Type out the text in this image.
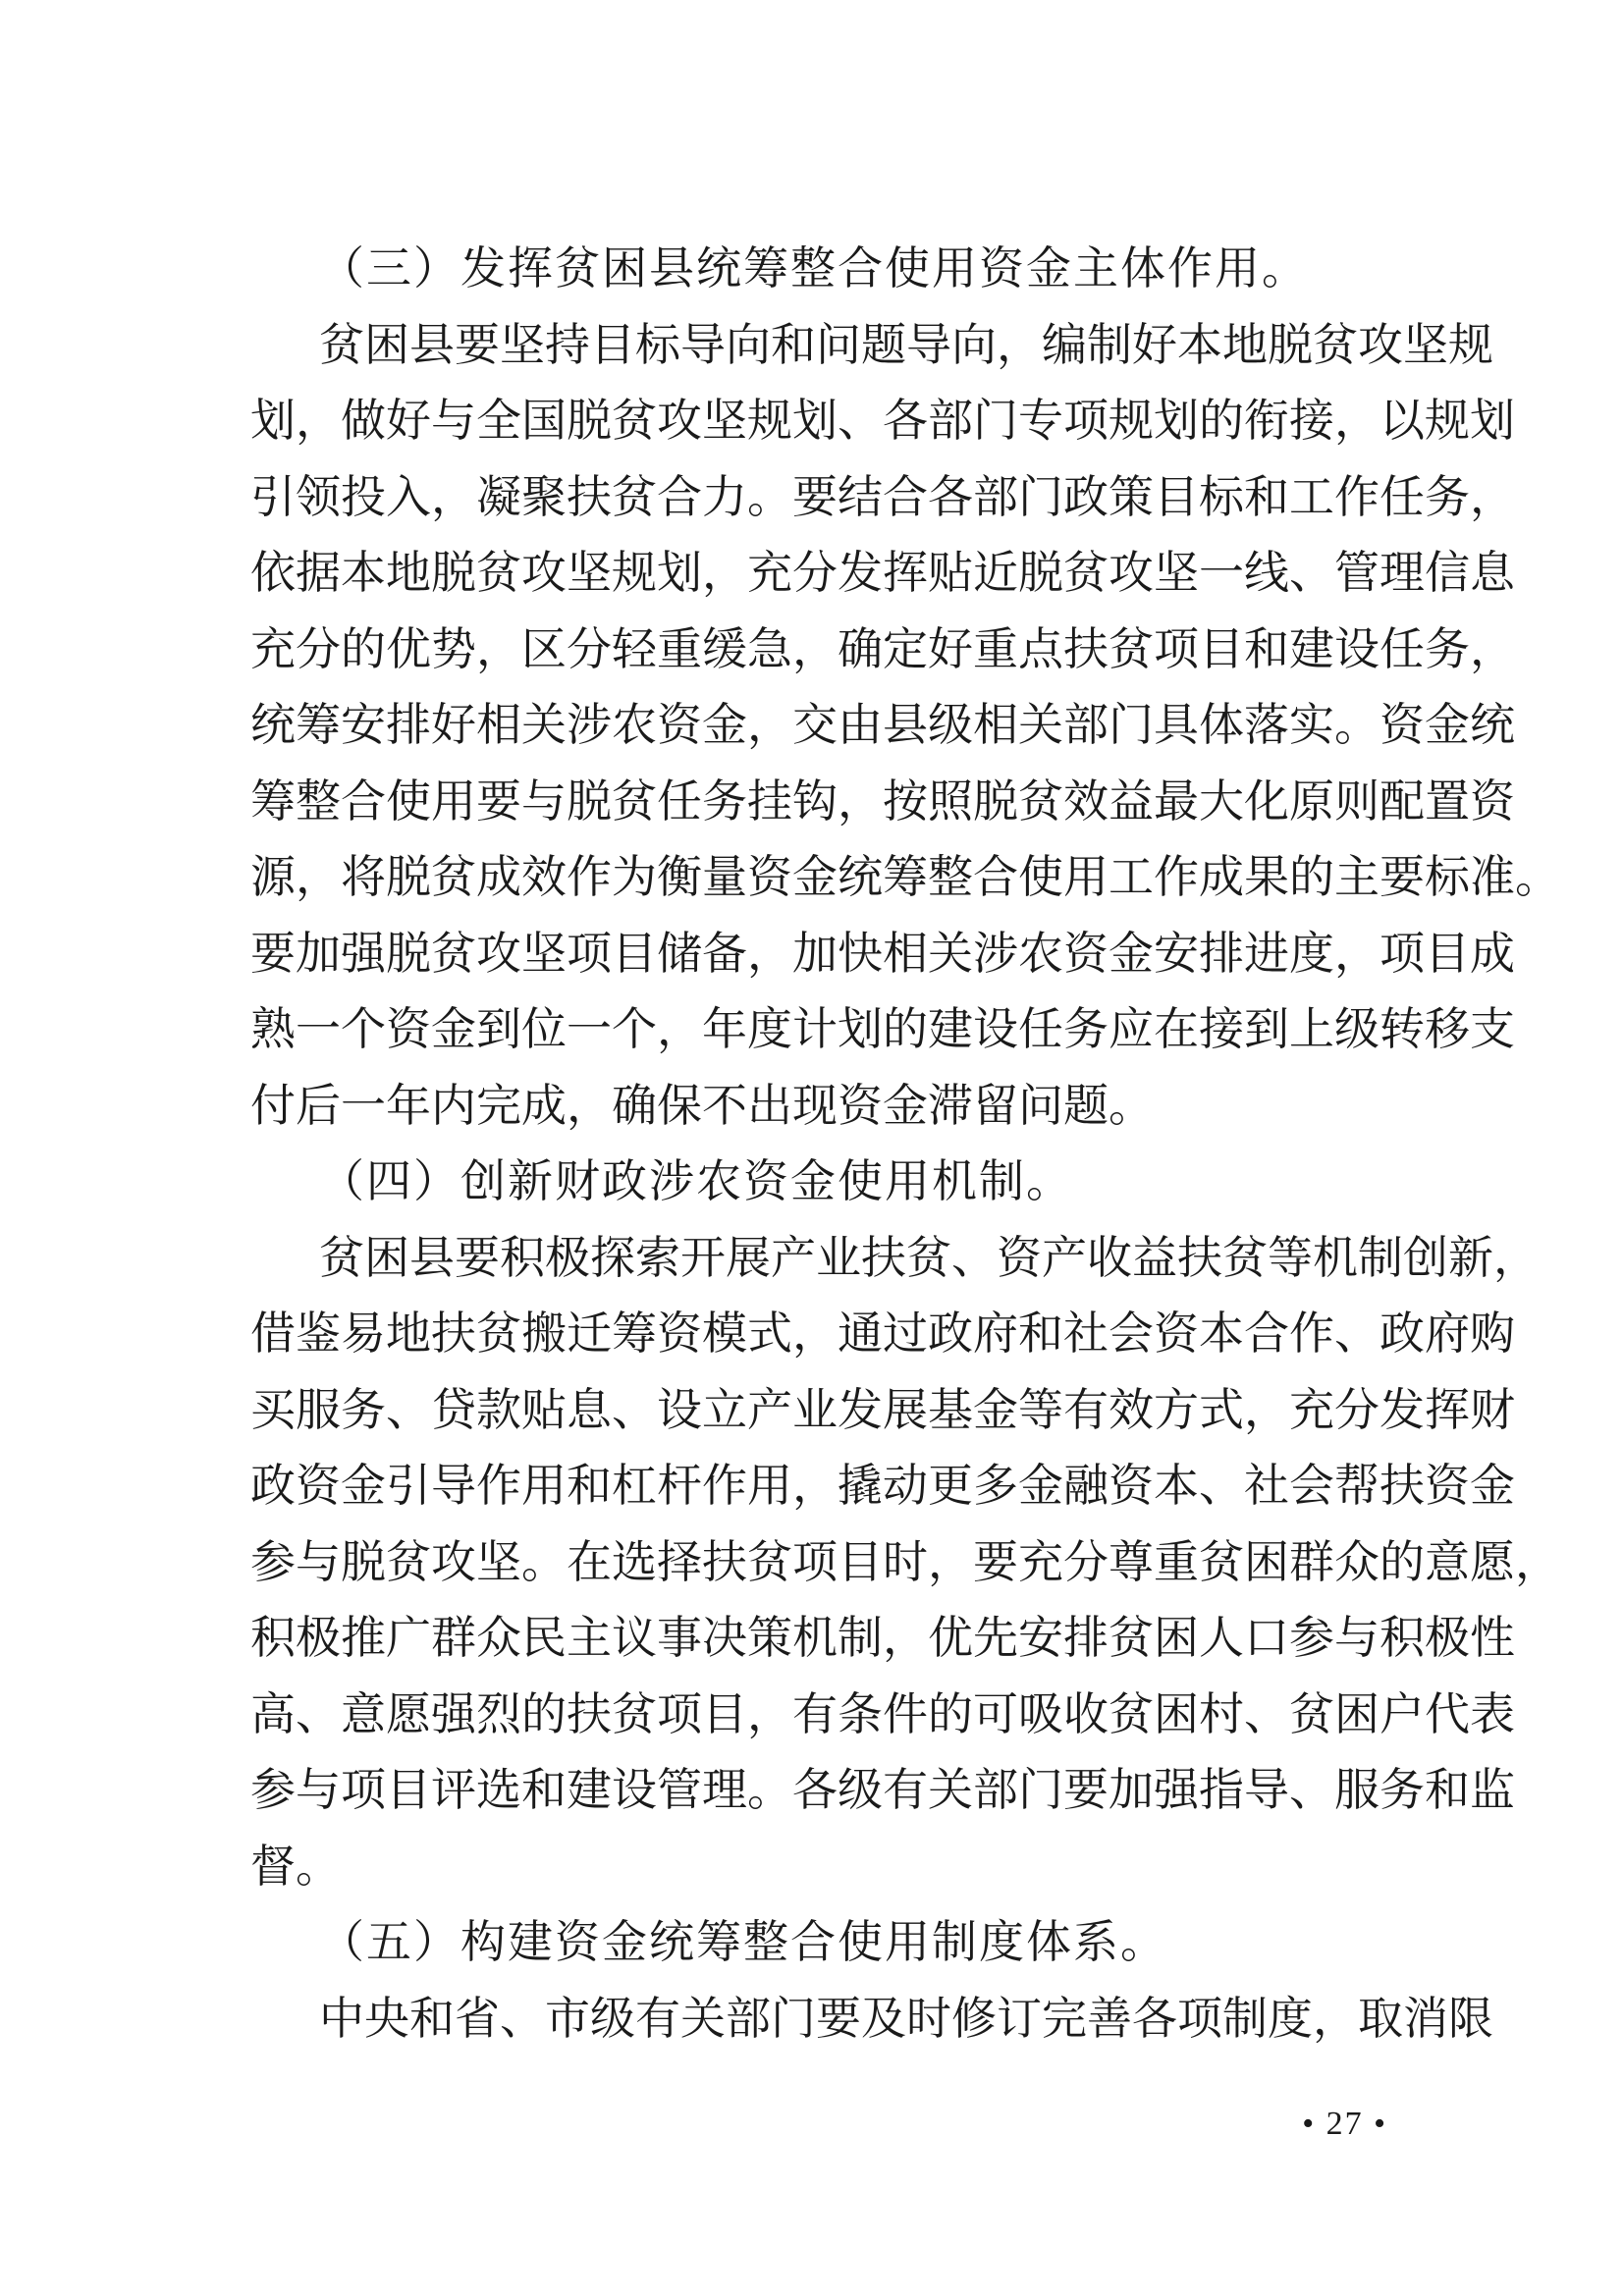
（三）发挥贫困县统筹整合使用资金主体作用。
贫困县要坚持目标导向和问题导向，编制好本地脱贫攻坚规
划，做好与全国脱贫攻坚规划、各部门专项规划的衔接，以规划
引领投入，凝聚扶贫合力。要结合各部门政策目标和工作任务，
依据本地脱贫攻坚规划，充分发挥贴近脱贫攻坚一线、管理信息
充分的优势，区分轻重缓急，确定好重点扶贫项目和建设任务，
统筹安排好相关涉农资金，交由县级相关部门具体落实。资金统
筹整合使用要与脱贫任务挂钩，按照脱贫效益最大化原则配置资
源，将脱贫成效作为衡量资金统筹整合使用工作成果的主要标准。
要加强脱贫攻坚项目储备，加快相关涉农资金安排进度，项目成
熟一个资金到位一个，年度计划的建设任务应在接到上级转移支
付后一年内完成，确保不出现资金滞留问题。
（四）创新财政涉农资金使用机制。
贫困县要积极探索开展产业扶贫、资产收益扶贫等机制创新，
借鉴易地扶贫搬迁筹资模式，通过政府和社会资本合作、政府购
买服务、贷款贴息、设立产业发展基金等有效方式，充分发挥财
政资金引导作用和杠杆作用，撬动更多金融资本、社会帮扶资金
参与脱贫攻坚。在选择扶贫项目时，要充分尊重贫困群众的意愿，
积极推广群众民主议事决策机制，优先安排贫困人口参与积极性
高、意愿强烈的扶贫项目，有条件的可吸收贫困村、贫困户代表
参与项目评选和建设管理。各级有关部门要加强指导、服务和监
督。
（五）构建资金统筹整合使用制度体系。
中央和省、市级有关部门要及时修订完善各项制度，取消限
• 27 •
